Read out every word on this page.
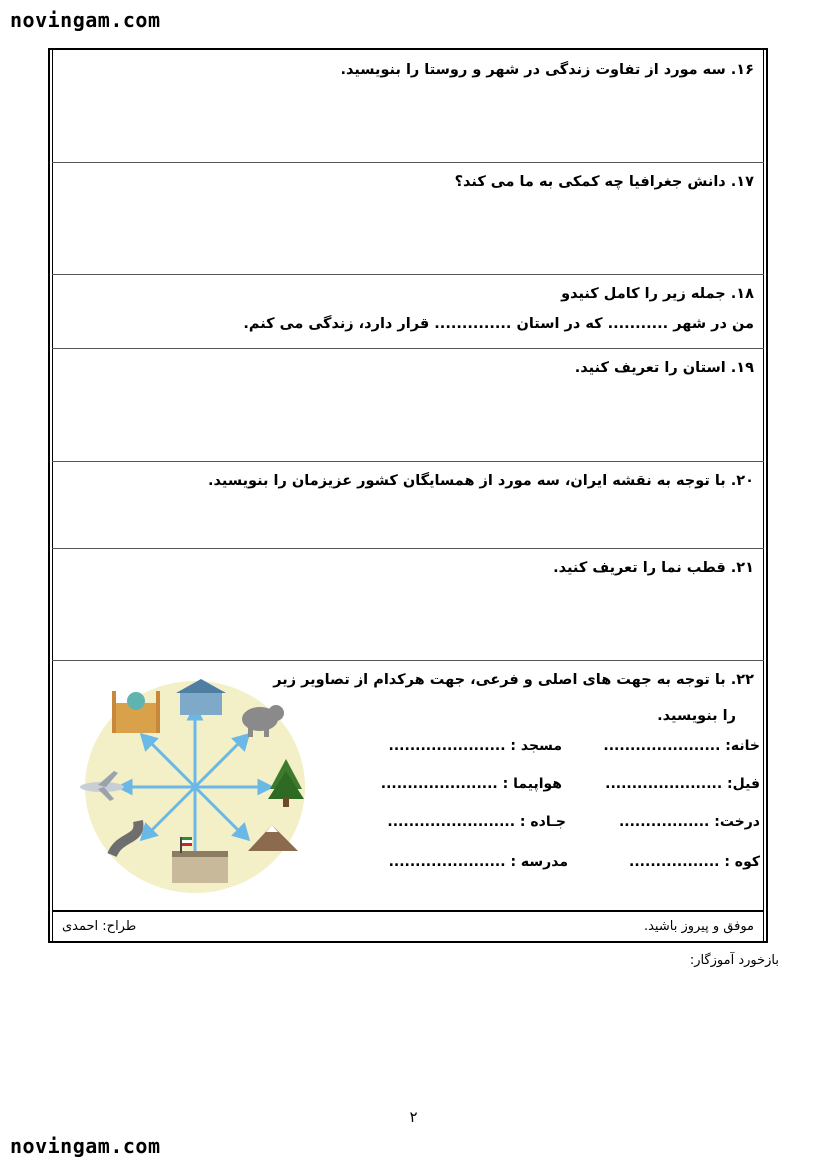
novingam.com
۱۶. سه مورد از تفاوت زندگی در شهر و روستا را بنویسید.
۱۷. دانش جغرافیا چه کمکی به ما می کند؟
۱۸. جمله زیر را کامل کنیدو
من در شهر ........... که در استان .............. قرار دارد، زندگی می کنم.
۱۹. استان را تعریف کنید.
۲۰. با توجه به نقشه ایران، سه مورد از همسایگان کشور عزیزمان را بنویسید.
۲۱. قطب نما را تعریف کنید.
۲۲. با توجه به جهت های اصلی و فرعی، جهت هرکدام از تصاویر زیر
را بنویسید.
خانه: ......................
مسجد : ......................
فیل: ......................
هواپیما : ......................
درخت: .................
جـاده : ........................
کوه : .................
مدرسه : ......................
موفق و پیروز باشید.
طراح: احمدی
بازخورد آموزگار:
۲
novingam.com
